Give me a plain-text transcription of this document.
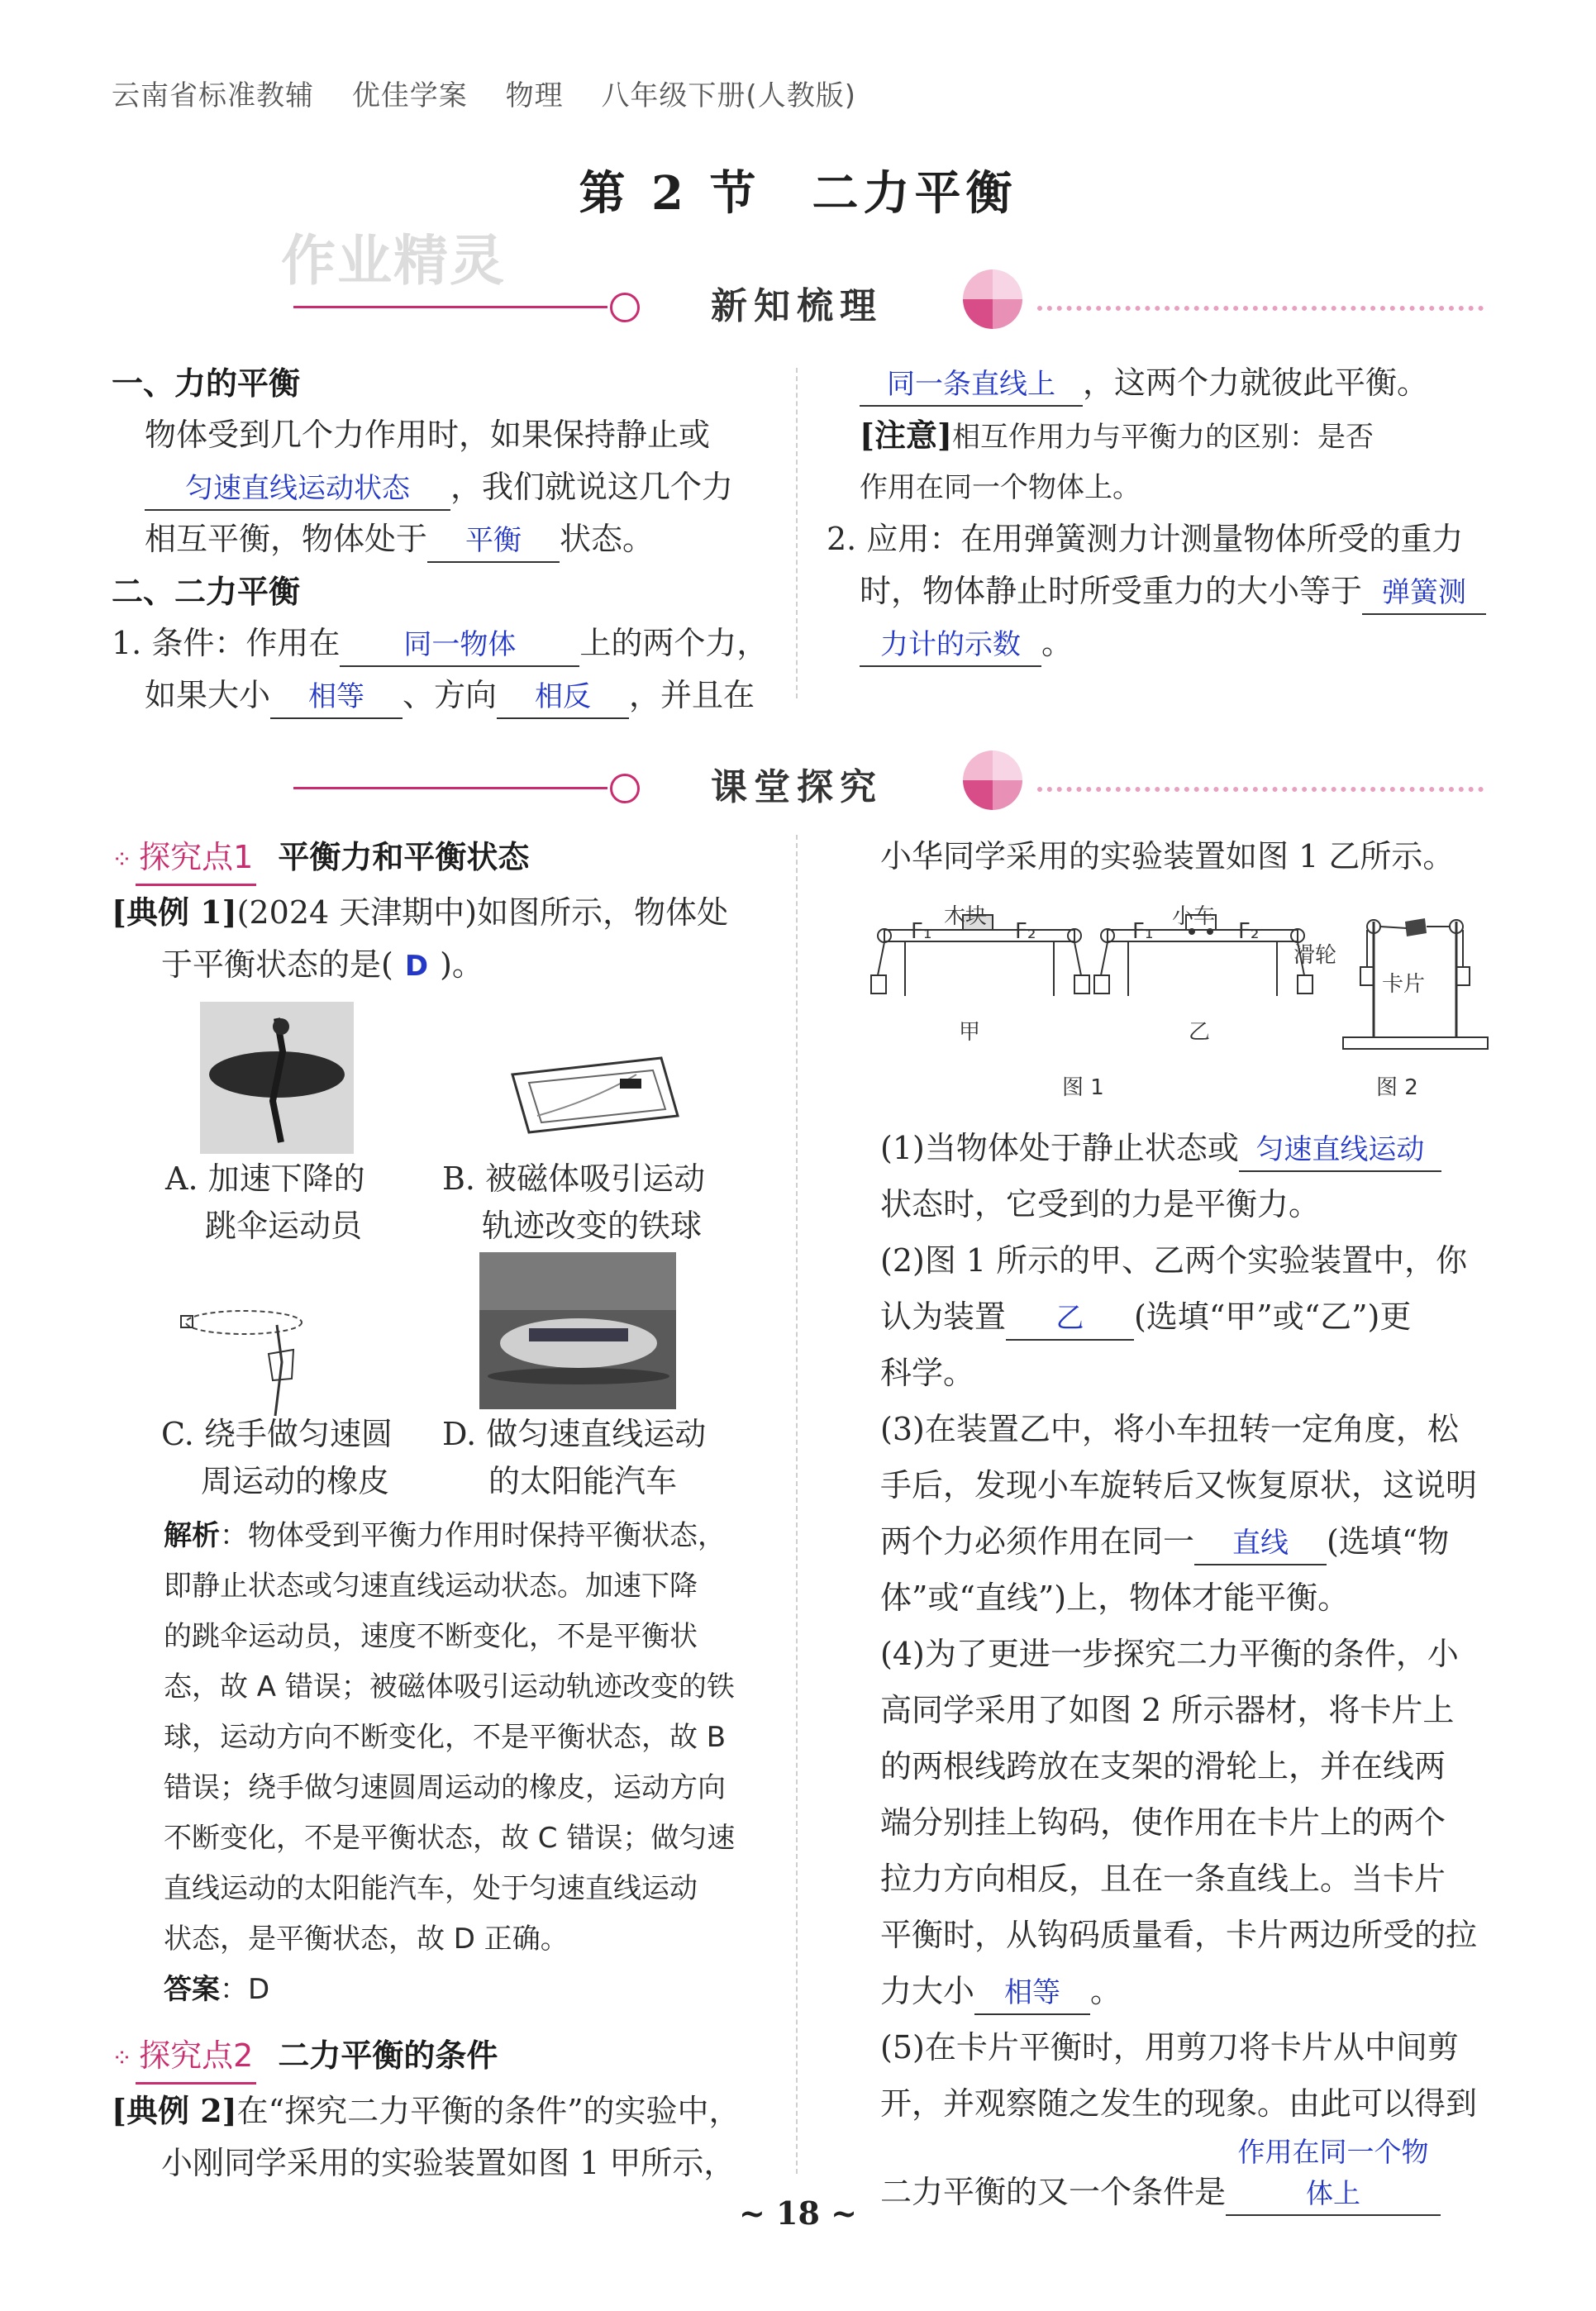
云南省标准教辅 优佳学案 物理 八年级下册(人教版)
第 2 节　二力平衡
作业精灵
新知梳理
一、力的平衡
物体受到几个力作用时，如果保持静止或
匀速直线运动状态 ，我们就说这几个力
相互平衡，物体处于 平衡 状态。
二、二力平衡
1. 条件：作用在 同一物体 上的两个力，
如果大小 相等 、方向 相反 ，并且在
同一条直线上 ，这两个力就彼此平衡。
[注意]相互作用力与平衡力的区别：是否
作用在同一个物体上。
2. 应用：在用弹簧测力计测量物体所受的重力
时，物体静止时所受重力的大小等于 弹簧测
力计的示数 。
课堂探究
⁘ 探究点1 平衡力和平衡状态
[典例 1](2024 天津期中)如图所示，物体处
于平衡状态的是( D )。
A. 加速下降的
跳伞运动员
B. 被磁体吸引运动
轨迹改变的铁球
C. 绕手做匀速圆
周运动的橡皮
D. 做匀速直线运动
的太阳能汽车
解析：物体受到平衡力作用时保持平衡状态，
即静止状态或匀速直线运动状态。加速下降
的跳伞运动员，速度不断变化，不是平衡状
态，故 A 错误；被磁体吸引运动轨迹改变的铁
球，运动方向不断变化，不是平衡状态，故 B
错误；绕手做匀速圆周运动的橡皮，运动方向
不断变化，不是平衡状态，故 C 错误；做匀速
直线运动的太阳能汽车，处于匀速直线运动
状态，是平衡状态，故 D 正确。
答案：D
⁘ 探究点2 二力平衡的条件
[典例 2]在“探究二力平衡的条件”的实验中，
小刚同学采用的实验装置如图 1 甲所示，
小华同学采用的实验装置如图 1 乙所示。
木块
F₁	F₂
小车
F₁	F₂
滑轮
卡片
甲	乙
图 1	图 2
(1)当物体处于静止状态或 匀速直线运动
状态时，它受到的力是平衡力。
(2)图 1 所示的甲、乙两个实验装置中，你
认为装置 乙 (选填“甲”或“乙”)更
科学。
(3)在装置乙中，将小车扭转一定角度，松
手后，发现小车旋转后又恢复原状，这说明
两个力必须作用在同一 直线 (选填“物
体”或“直线”)上，物体才能平衡。
(4)为了更进一步探究二力平衡的条件，小
高同学采用了如图 2 所示器材，将卡片上
的两根线跨放在支架的滑轮上，并在线两
端分别挂上钩码，使作用在卡片上的两个
拉力方向相反，且在一条直线上。当卡片
平衡时，从钩码质量看，卡片两边所受的拉
力大小 相等 。
(5)在卡片平衡时，用剪刀将卡片从中间剪
开，并观察随之发生的现象。由此可以得到
二力平衡的又一个条件是作用在同一个物体上
~ 18 ~
